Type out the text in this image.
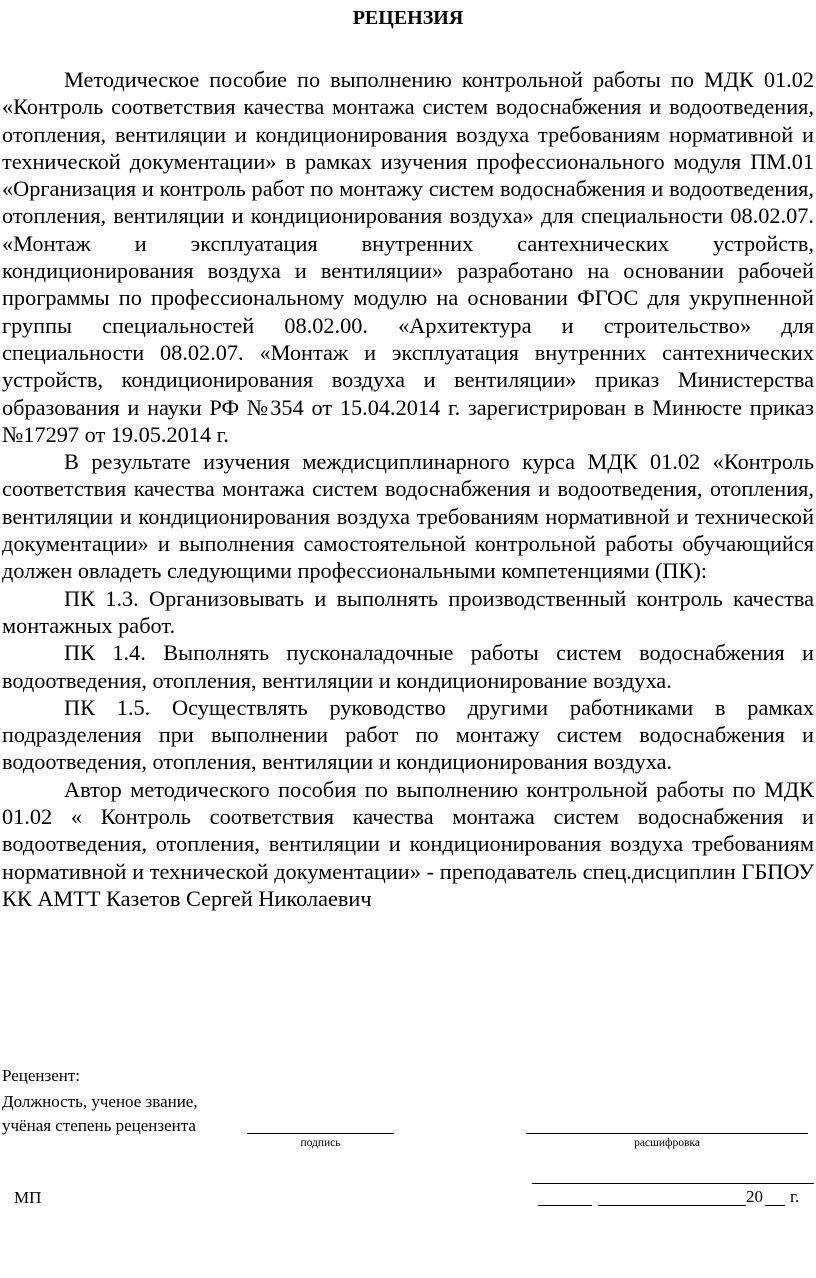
РЕЦЕНЗИЯ

Методическое пособие по выполнению контрольной работы по МДК 01.02 «Контроль соответствия качества монтажа систем водоснабжения и водоотведения, отопления, вентиляции и кондиционирования воздуха требованиям нормативной и технической документации» в рамках изучения профессионального модуля ПМ.01 «Организация и контроль работ по монтажу систем водоснабжения и водоотведения, отопления, вентиляции и кондиционирования воздуха» для специальности 08.02.07. «Монтаж и эксплуатация внутренних сантехнических устройств, кондиционирования воздуха и вентиляции» разработано на основании рабочей программы по профессиональному модулю на основании ФГОС для укрупненной группы специальностей 08.02.00. «Архитектура и строительство» для специальности 08.02.07. «Монтаж и эксплуатация внутренних сантехнических устройств, кондиционирования воздуха и вентиляции» приказ Министерства образования и науки РФ №354 от 15.04.2014 г. зарегистрирован в Минюсте приказ №17297 от 19.05.2014 г.

В результате изучения междисциплинарного курса МДК 01.02 «Контроль соответствия качества монтажа систем водоснабжения и водоотведения, отопления, вентиляции и кондиционирования воздуха требованиям нормативной и технической документации» и выполнения самостоятельной контрольной работы обучающийся должен овладеть следующими профессиональными компетенциями (ПК):

ПК 1.3. Организовывать и выполнять производственный контроль качества монтажных работ.

ПК 1.4. Выполнять пусконаладочные работы систем водоснабжения и водоотведения, отопления, вентиляции и кондиционирование воздуха.

ПК 1.5. Осуществлять руководство другими работниками в рамках подразделения при выполнении работ по монтажу систем водоснабжения и водоотведения, отопления, вентиляции и кондиционирования воздуха.

Автор методического пособия по выполнению контрольной работы по МДК 01.02 « Контроль соответствия качества монтажа систем водоснабжения и водоотведения, отопления, вентиляции и кондиционирования воздуха требованиям нормативной и технической документации» - преподаватель спец.дисциплин ГБПОУ КК АМТТ Казетов Сергей Николаевич

Рецензент:
Должность, ученое звание,
учёная степень рецензента
подпись	расшифровка
МП	20 г.
